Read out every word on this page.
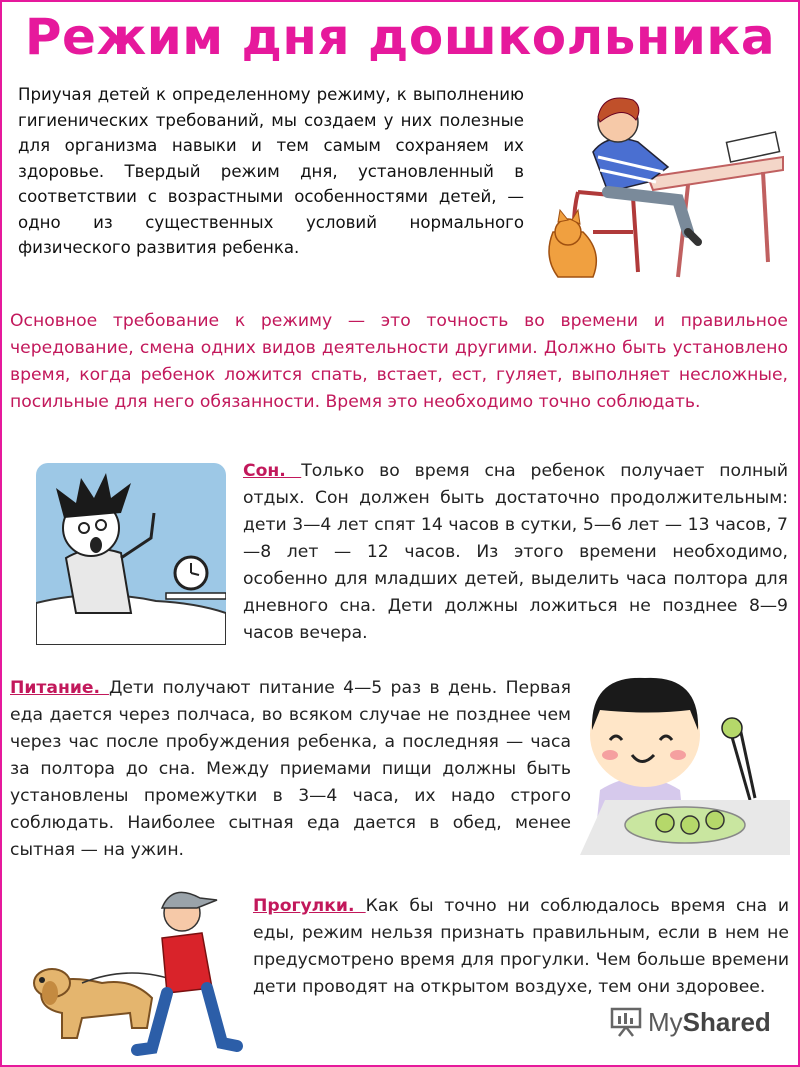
Режим дня дошкольника
Приучая детей к определенному режиму, к выполнению гигиенических требований, мы создаем у них полезные для организма навыки и тем самым сохраняем их здоровье. Твердый режим дня, установленный в соответствии с возрастными особенностями детей, — одно из существенных условий нормального физического развития ребенка.
Основное требование к режиму — это точность во времени и правильное чередование, смена одних видов деятельности другими. Должно быть установлено время, когда ребенок ложится спать, встает, ест, гуляет, выполняет несложные, посильные для него обязанности. Время это необходимо точно соблюдать.
Сон. Только во время сна ребенок получает полный отдых. Сон должен быть достаточно продолжительным: дети 3—4 лет спят 14 часов в сутки, 5—6 лет — 13 часов, 7—8 лет — 12 часов. Из этого времени необходимо, особенно для младших детей, выделить часа полтора для дневного сна. Дети должны ложиться не позднее 8—9 часов вечера.
Питание. Дети получают питание 4—5 раз в день. Первая еда дается через полчаса, во всяком случае не позднее чем через час после пробуждения ребенка, а последняя — часа за полтора до сна. Между приемами пищи должны быть установлены промежутки в 3—4 часа, их надо строго соблюдать. Наиболее сытная еда дается в обед, менее сытная — на ужин.
Прогулки. Как бы точно ни соблюдалось время сна и еды, режим нельзя признать правильным, если в нем не предусмотрено время для прогулки. Чем больше времени дети проводят на открытом воздухе, тем они здоровее.
MyShared
